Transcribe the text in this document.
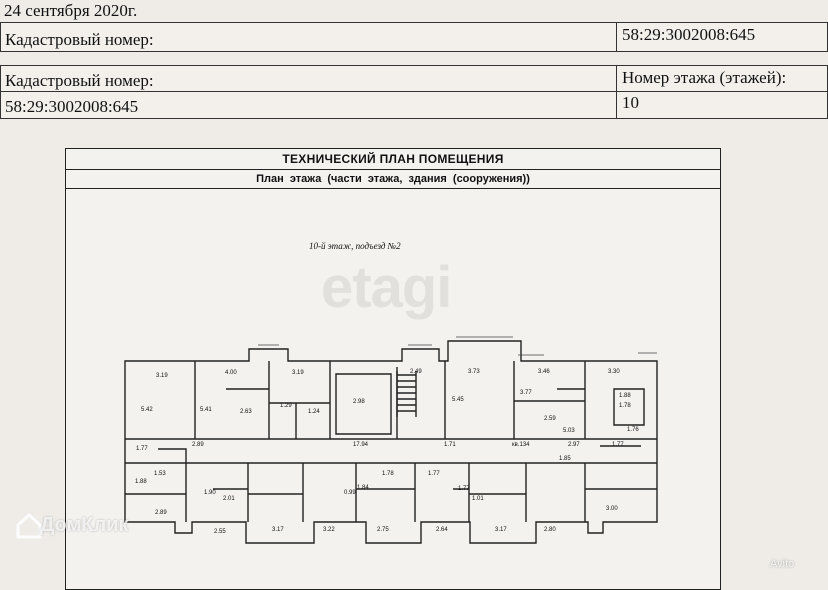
24 сентября 2020г.
Кадастровый номер:	58:29:3002008:645
Кадастровый номер:
58:29:3002008:645
Номер этажа (этажей):
10
ТЕХНИЧЕСКИЙ ПЛАН ПОМЕЩЕНИЯ
План этажа (части этажа, здания (сооружения))
etagi
10-й этаж, подъезд №2
3.19	4.00	3.19	2.49	3.73	3.46	3.30
5.42	5.41
1.29
2.63	1.24
2.98	5.45
3.77
2.59
1.88
1.78
1.77
2.89	17.94	1.71	кв.134	2.97	1.77
5.03	1.76
1.85
1.53
1.90
2.01
1.78
0.99
1.84
1.77
1.77
1.01
1.88
2.89
2.55	3.17	3.22	2.75	2.64	3.17	2.80
3.00
ДомКлик
Avito
